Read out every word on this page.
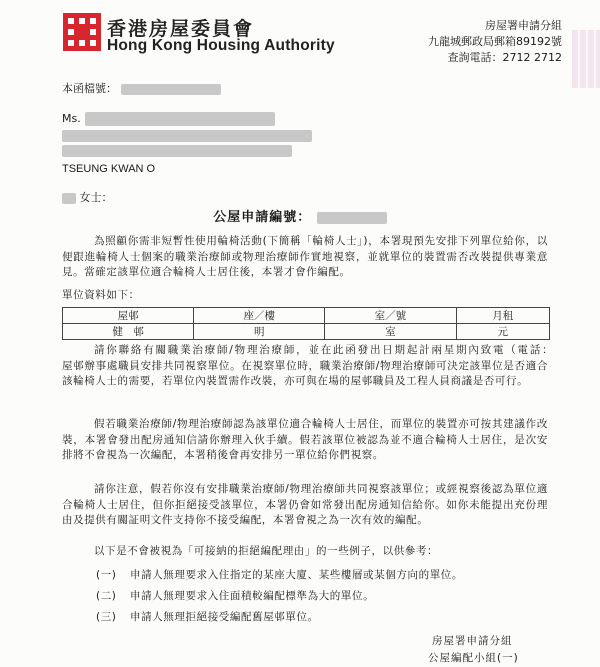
香港房屋委員會
Hong Kong Housing Authority
房屋署申請分組
九龍城郵政局郵箱89192號
查詢電話：2712 2712
本函檔號：
Ms.
TSEUNG KWAN O
女士：
公屋申請編號：
為照顧你需非短暫性使用輪椅活動(下簡稱「輪椅人士」)，本署現預先安排下列單位給你，以便跟進輪椅人士個案的職業治療師或物理治療師作實地視察，並就單位的裝置需否改裝提供專業意見。當確定該單位適合輪椅人士居住後，本署才會作編配。
單位資料如下：
屋邨	座／樓	室／號	月租
健　邨	明	室	元
請你聯絡有關職業治療師/物理治療師，並在此函發出日期起計兩星期內致電（電話：　　　　屋邨辦事處職員安排共同視察單位。在視察單位時，職業治療師/物理治療師可決定該單位是否適合該輪椅人士的需要，若單位內裝置需作改裝，亦可與在場的屋邨職員及工程人員商議是否可行。
假若職業治療師/物理治療師認為該單位適合輪椅人士居住，而單位的裝置亦可按其建議作改裝，本署會發出配房通知信請你辦理入伙手續。假若該單位被認為並不適合輪椅人士居住，是次安排將不會視為一次編配，本署稍後會再安排另一單位給你們視察。
請你注意，假若你沒有安排職業治療師/物理治療師共同視察該單位；或經視察後認為單位適合輪椅人士居住，但你拒絕接受該單位，本署仍會如常發出配房通知信給你。如你未能提出充份理由及提供有關証明文件支持你不接受編配，本署會視之為一次有效的編配。
以下是不會被視為「可接納的拒絕編配理由」的一些例子，以供參考：
(一) 申請人無理要求入住指定的某座大廈、某些樓層或某個方向的單位。
(二) 申請人無理要求入住面積較編配標準為大的單位。
(三) 申請人無理拒絕接受編配舊屋邨單位。
房屋署申請分組
公屋編配小組(一)
